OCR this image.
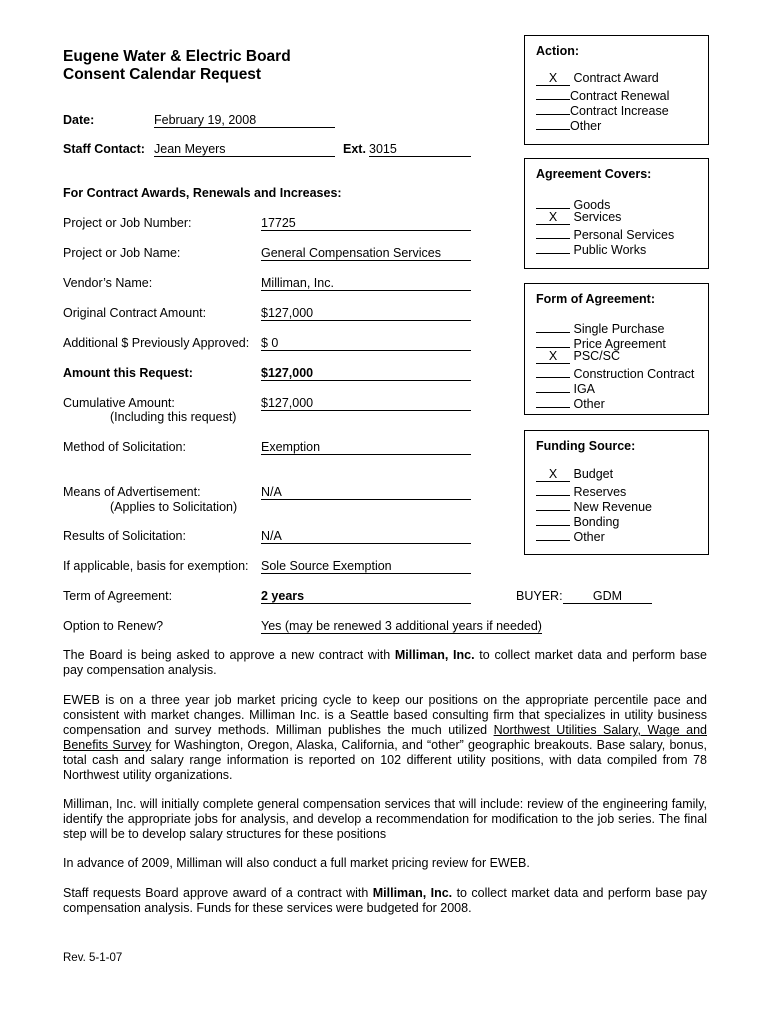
Eugene Water & Electric Board
Consent Calendar Request
Date:	February 19, 2008
Staff Contact: Jean Meyers	Ext. 3015
For Contract Awards, Renewals and Increases:
Project or Job Number:	17725
Project or Job Name:	General Compensation Services
Vendor’s Name:	Milliman, Inc.
Original Contract Amount:	$127,000
Additional $ Previously Approved: $ 0
Amount this Request:	$127,000
Cumulative Amount:
(Including this request)
$127,000
Method of Solicitation:	Exemption
Means of Advertisement:
(Applies to Solicitation)
N/A
Results of Solicitation:	N/A
If applicable, basis for exemption: Sole Source Exemption
Term of Agreement:	2 years	BUYER:	GDM
Option to Renew?	Yes (may be renewed 3 additional years if needed)
Action:
X Contract Award
Contract Renewal
Contract Increase
Other
Agreement Covers:
Goods
X Services
Personal Services
Public Works
Form of Agreement:
Single Purchase
Price Agreement
X PSC/SC
Construction Contract
IGA
Other
Funding Source:
X Budget
Reserves
New Revenue
Bonding
Other
The Board is being asked to approve a new contract with Milliman, Inc. to collect market data and perform base pay compensation analysis.
EWEB is on a three year job market pricing cycle to keep our positions on the appropriate percentile pace and consistent with market changes. Milliman Inc. is a Seattle based consulting firm that specializes in utility business compensation and survey methods. Milliman publishes the much utilized Northwest Utilities Salary, Wage and Benefits Survey for Washington, Oregon, Alaska, California, and “other” geographic breakouts. Base salary, bonus, total cash and salary range information is reported on 102 different utility positions, with data compiled from 78 Northwest utility organizations.
Milliman, Inc. will initially complete general compensation services that will include: review of the engineering family, identify the appropriate jobs for analysis, and develop a recommendation for modification to the job series. The final step will be to develop salary structures for these positions
In advance of 2009, Milliman will also conduct a full market pricing review for EWEB.
Staff requests Board approve award of a contract with Milliman, Inc. to collect market data and perform base pay compensation analysis. Funds for these services were budgeted for 2008.
Rev. 5-1-07
